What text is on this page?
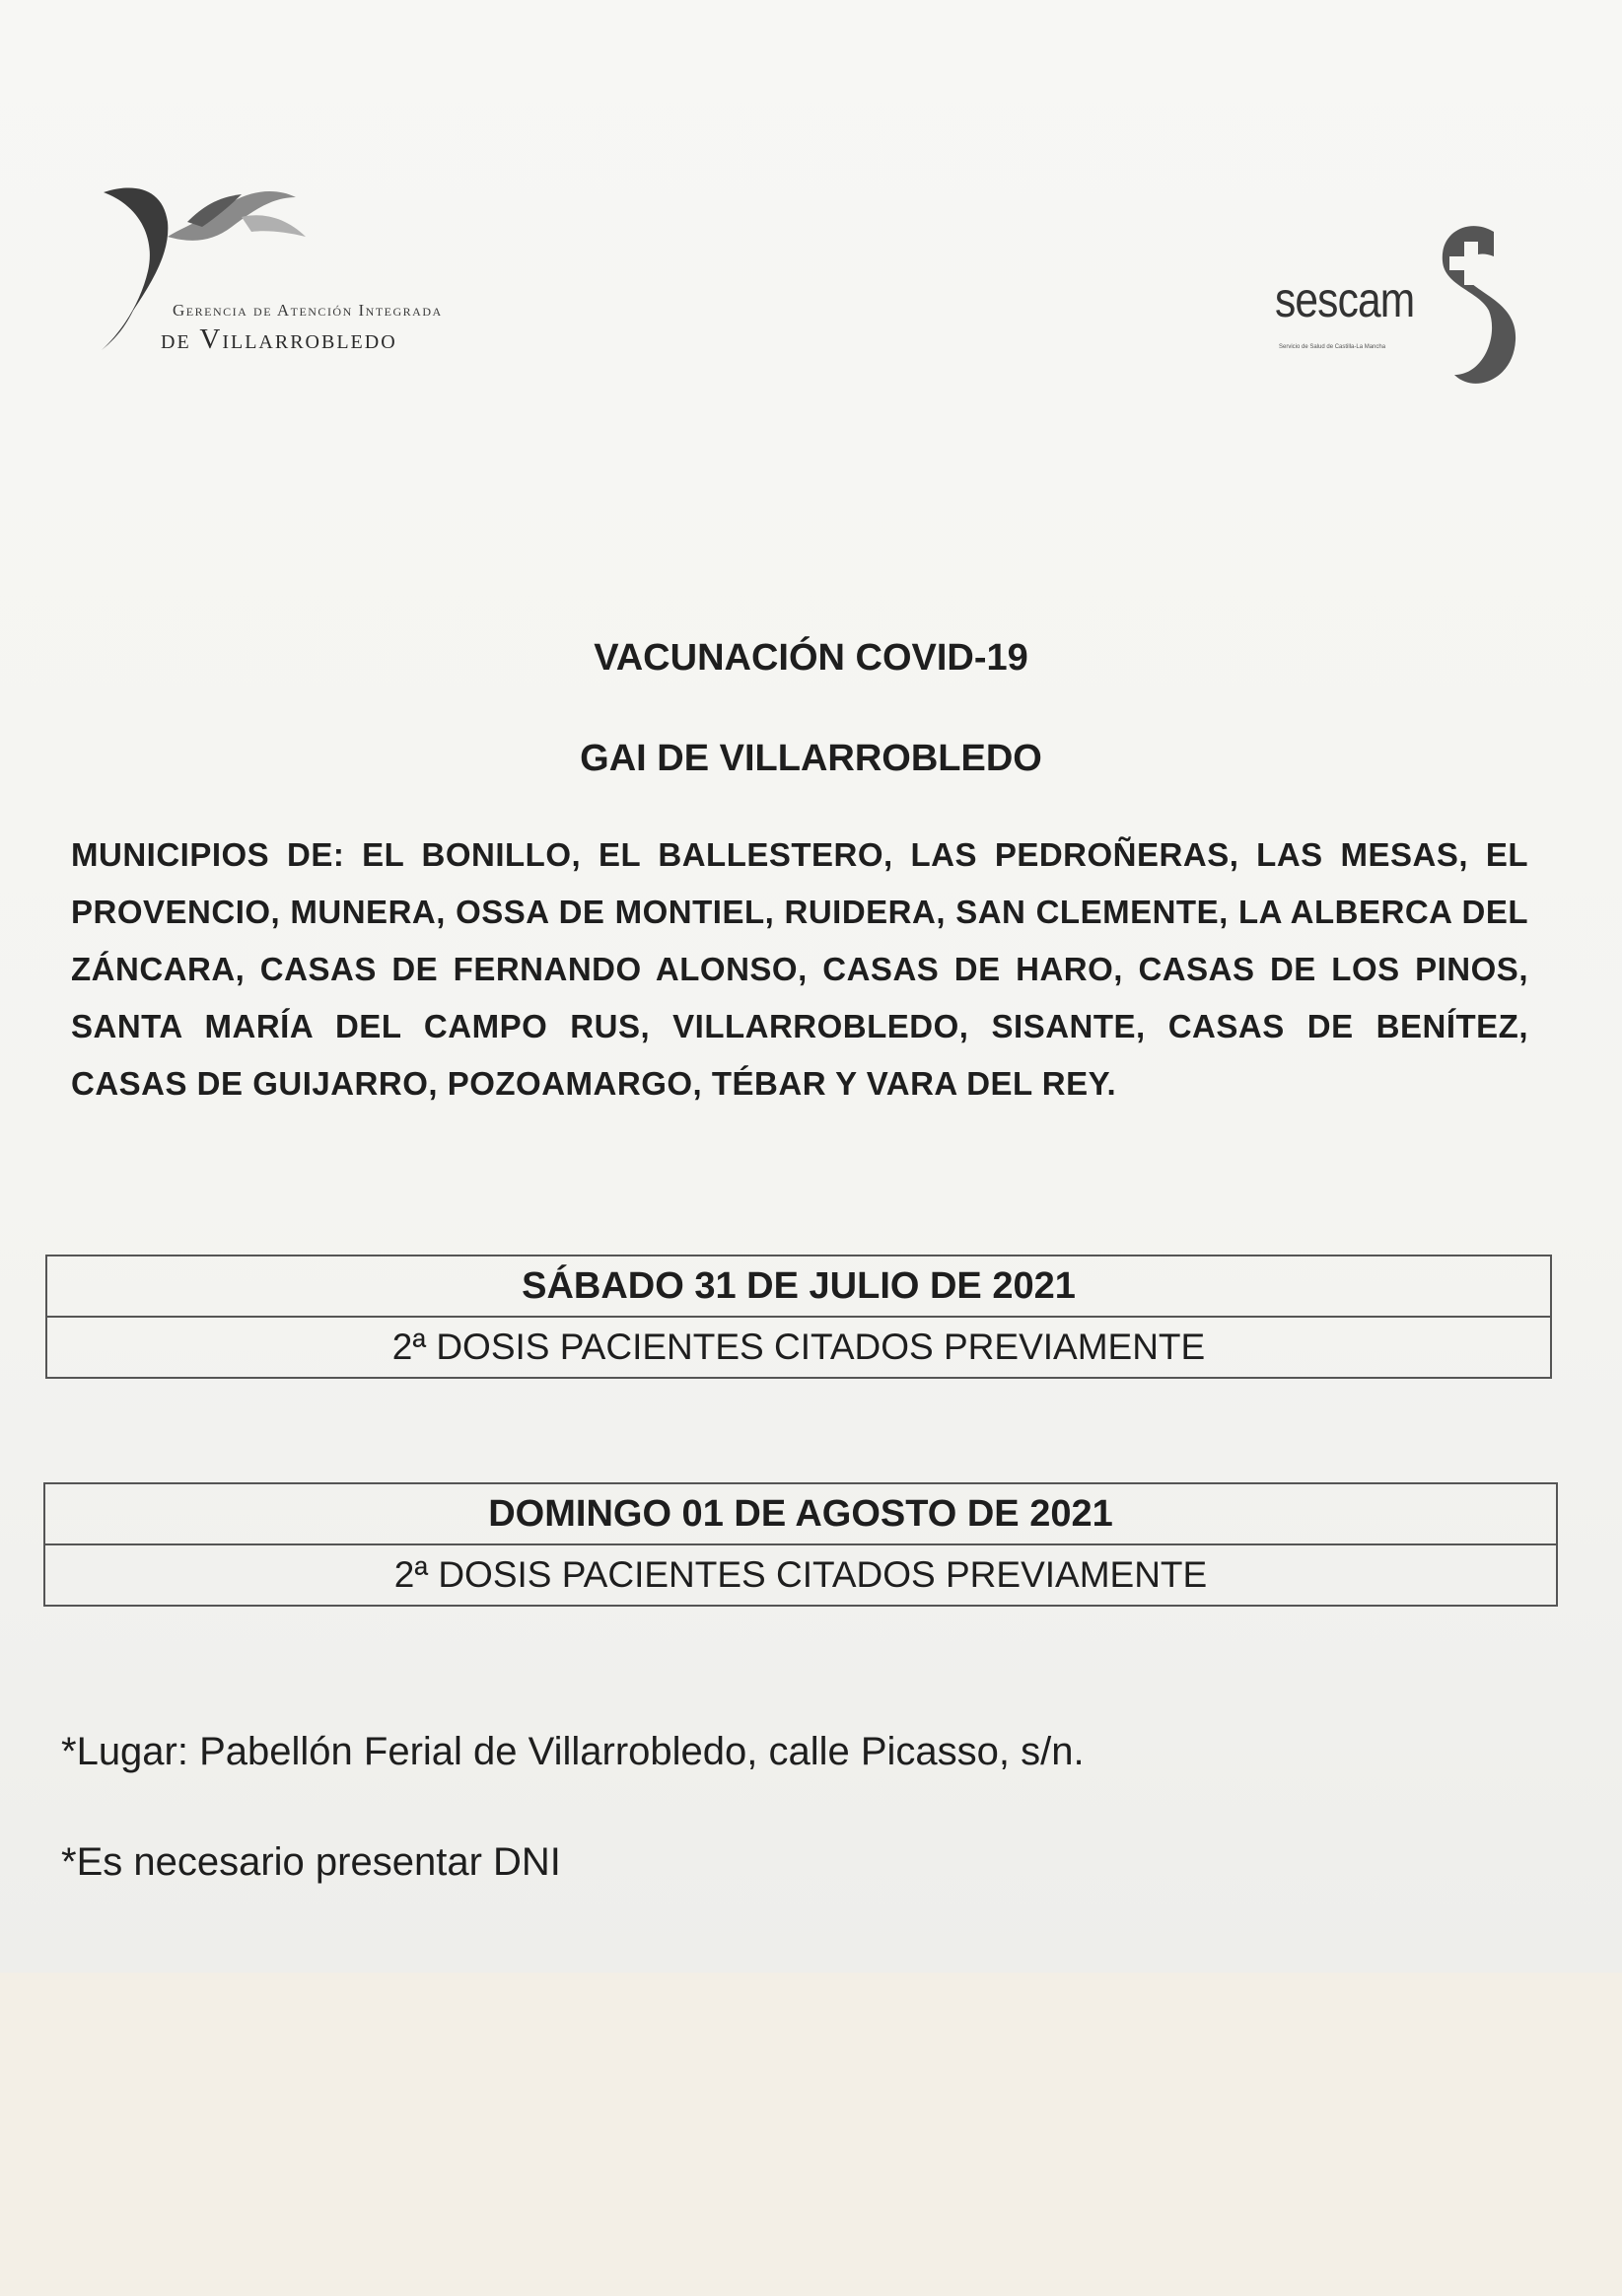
Gerencia de Atención Integrada
de Villarrobledo
sescam
Servicio de Salud de Castilla-La Mancha
VACUNACIÓN COVID-19
GAI DE VILLARROBLEDO
MUNICIPIOS DE: EL BONILLO, EL BALLESTERO, LAS PEDROÑERAS, LAS MESAS, EL PROVENCIO, MUNERA, OSSA DE MONTIEL, RUIDERA, SAN CLEMENTE, LA ALBERCA DEL ZÁNCARA, CASAS DE FERNANDO ALONSO, CASAS DE HARO, CASAS DE LOS PINOS, SANTA MARÍA DEL CAMPO RUS, VILLARROBLEDO, SISANTE, CASAS DE BENÍTEZ, CASAS DE GUIJARRO, POZOAMARGO, TÉBAR Y VARA DEL REY.
SÁBADO 31 DE JULIO DE 2021
2ª DOSIS PACIENTES CITADOS PREVIAMENTE
DOMINGO 01 DE AGOSTO DE 2021
2ª DOSIS PACIENTES CITADOS PREVIAMENTE
*Lugar: Pabellón Ferial de Villarrobledo, calle Picasso, s/n.
*Es necesario presentar DNI
